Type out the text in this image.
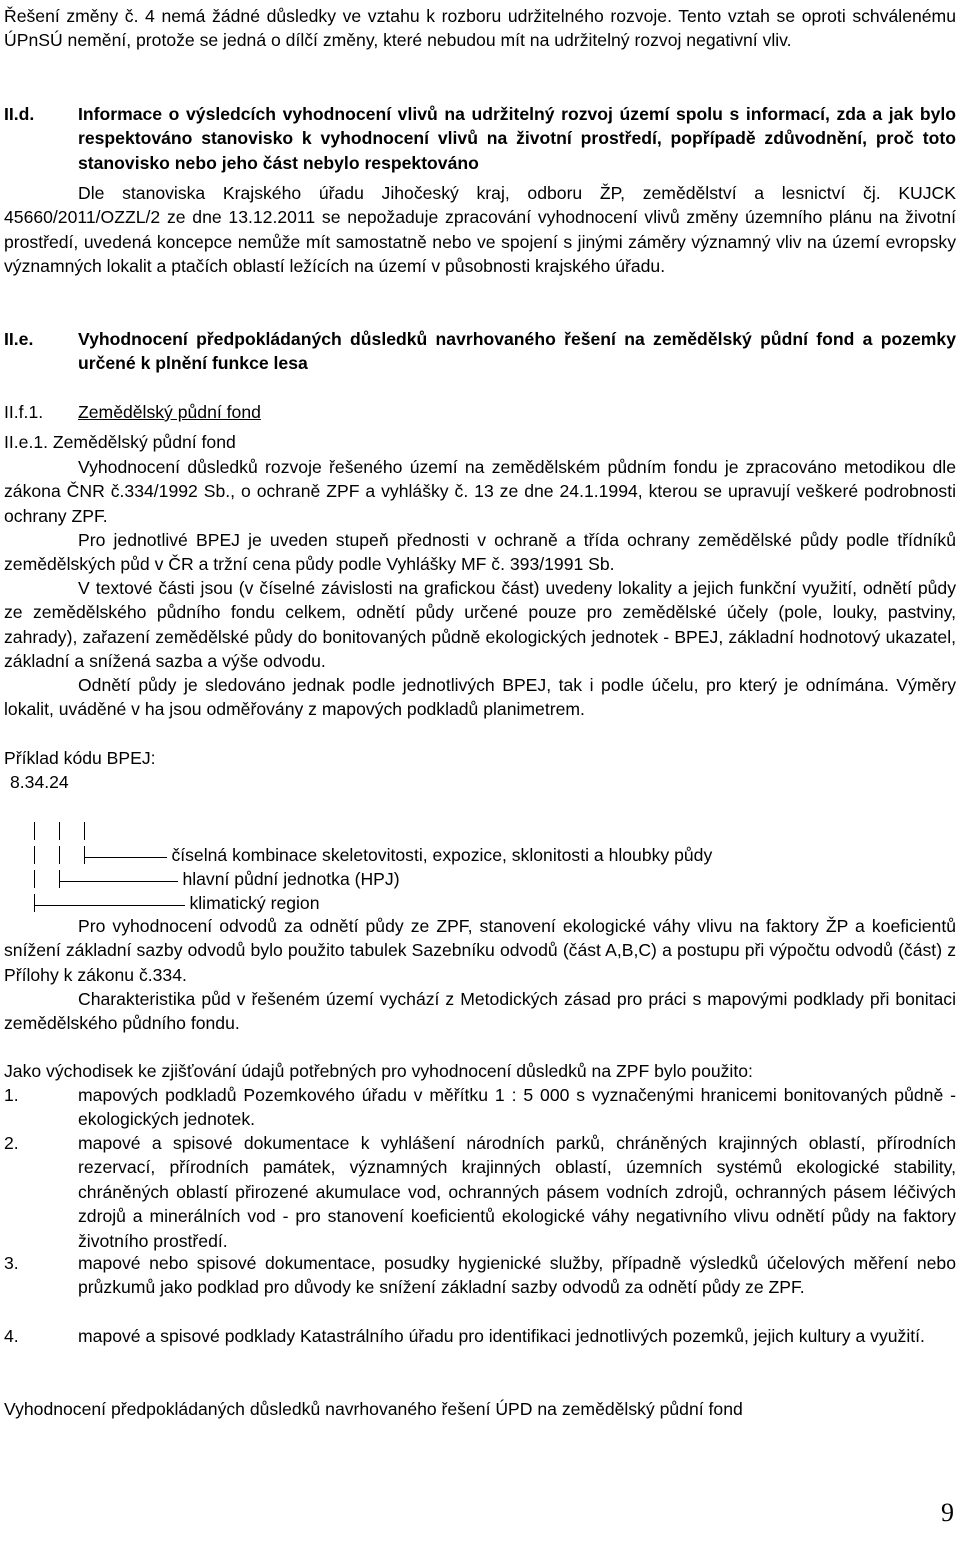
Řešení změny č. 4 nemá žádné důsledky ve vztahu k rozboru udržitelného rozvoje. Tento vztah se oproti schválenému ÚPnSÚ nemění, protože se jedná o dílčí změny, které nebudou mít na udržitelný rozvoj negativní vliv.

II.d. Informace o výsledcích vyhodnocení vlivů na udržitelný rozvoj území spolu s informací, zda a jak bylo respektováno stanovisko k vyhodnocení vlivů na životní prostředí, popřípadě zdůvodnění, proč toto stanovisko nebo jeho část nebylo respektováno

Dle stanoviska Krajského úřadu Jihočeský kraj, odboru ŽP, zemědělství a lesnictví čj. KUJCK 45660/2011/OZZL/2 ze dne 13.12.2011 se nepožaduje zpracování vyhodnocení vlivů změny územního plánu na životní prostředí, uvedená koncepce nemůže mít samostatně nebo ve spojení s jinými záměry významný vliv na území evropsky významných lokalit a ptačích oblastí ležících na území v působnosti krajského úřadu.

II.e.	Vyhodnocení předpokládaných důsledků navrhovaného řešení na zemědělský půdní fond a pozemky určené k plnění funkce lesa
II.f.1. Zemědělský půdní fond
II.e.1. Zemědělský půdní fond

Vyhodnocení důsledků rozvoje řešeného území na zemědělském půdním fondu je zpracováno metodikou dle zákona ČNR č.334/1992 Sb., o ochraně ZPF a vyhlášky č. 13 ze dne 24.1.1994, kterou se upravují veškeré podrobnosti ochrany ZPF.

Pro jednotlivé BPEJ je uveden stupeň přednosti v ochraně a třída ochrany zemědělské půdy podle třídníků zemědělských půd v ČR a tržní cena půdy podle Vyhlášky MF č. 393/1991 Sb.

V textové části jsou (v číselné závislosti na grafickou část) uvedeny lokality a jejich funkční využití, odnětí půdy ze zemědělského půdního fondu celkem, odnětí půdy určené pouze pro zemědělské účely (pole, louky, pastviny, zahrady), zařazení zemědělské půdy do bonitovaných půdně ekologických jednotek - BPEJ, základní hodnotový ukazatel, základní a snížená sazba a výše odvodu.

Odnětí půdy je sledováno jednak podle jednotlivých BPEJ, tak i podle účelu, pro který je odnímána. Výměry lokalit, uváděné v ha jsou odměřovány z mapových podkladů planimetrem.

Příklad kódu BPEJ:
8.34.24

číselná kombinace skeletovitosti, expozice, sklonitosti a hloubky půdy

hlavní půdní jednotka (HPJ)

klimatický region

Pro vyhodnocení odvodů za odnětí půdy ze ZPF, stanovení ekologické váhy vlivu na faktory ŽP a koeficientů snížení základní sazby odvodů bylo použito tabulek Sazebníku odvodů (část A,B,C) a postupu při výpočtu odvodů (část) z Přílohy k zákonu č.334.

Charakteristika půd v řešeném území vychází z Metodických zásad pro práci s mapovými podklady při bonitaci zemědělského půdního fondu.

Jako východisek ke zjišťování údajů potřebných pro vyhodnocení důsledků na ZPF bylo použito:
1.	mapových podkladů Pozemkového úřadu v měřítku 1 : 5 000 s vyznačenými hranicemi bonitovaných půdně - ekologických jednotek.
2.	mapové a spisové dokumentace k vyhlášení národních parků, chráněných krajinných oblastí, přírodních rezervací, přírodních památek, významných krajinných oblastí, územních systémů ekologické stability, chráněných oblastí přirozené akumulace vod, ochranných pásem vodních zdrojů, ochranných pásem léčivých zdrojů a minerálních vod - pro stanovení koeficientů ekologické váhy negativního vlivu odnětí půdy na faktory životního prostředí.
3.	mapové nebo spisové dokumentace, posudky hygienické služby, případně výsledků účelových měření nebo průzkumů jako podklad pro důvody ke snížení základní sazby odvodů za odnětí půdy ze ZPF.
4.	mapové a spisové podklady Katastrálního úřadu pro identifikaci jednotlivých pozemků, jejich kultury a využití.
Vyhodnocení předpokládaných důsledků navrhovaného řešení ÚPD na zemědělský půdní fond
9
